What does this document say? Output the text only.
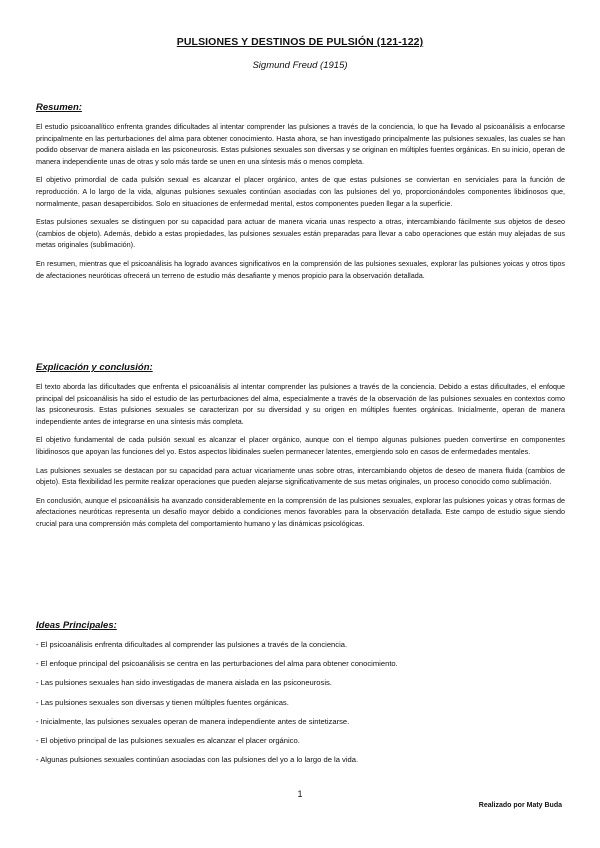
PULSIONES Y DESTINOS DE PULSIÓN (121-122)
Sigmund Freud (1915)
Resumen:

El estudio psicoanalítico enfrenta grandes dificultades al intentar comprender las pulsiones a través de la conciencia, lo que ha llevado al psicoanálisis a enfocarse principalmente en las perturbaciones del alma para obtener conocimiento. Hasta ahora, se han investigado principalmente las pulsiones sexuales, las cuales se han podido observar de manera aislada en las psiconeurosis. Estas pulsiones sexuales son diversas y se originan en múltiples fuentes orgánicas. En su inicio, operan de manera independiente unas de otras y solo más tarde se unen en una síntesis más o menos completa.

El objetivo primordial de cada pulsión sexual es alcanzar el placer orgánico, antes de que estas pulsiones se conviertan en serviciales para la función de reproducción. A lo largo de la vida, algunas pulsiones sexuales continúan asociadas con las pulsiones del yo, proporcionándoles componentes libidinosos que, normalmente, pasan desapercibidos. Solo en situaciones de enfermedad mental, estos componentes pueden llegar a la superficie.

Estas pulsiones sexuales se distinguen por su capacidad para actuar de manera vicaria unas respecto a otras, intercambiando fácilmente sus objetos de deseo (cambios de objeto). Además, debido a estas propiedades, las pulsiones sexuales están preparadas para llevar a cabo operaciones que están muy alejadas de sus metas originales (sublimación).

En resumen, mientras que el psicoanálisis ha logrado avances significativos en la comprensión de las pulsiones sexuales, explorar las pulsiones yoicas y otros tipos de afectaciones neuróticas ofrecerá un terreno de estudio más desafiante y menos propicio para la observación detallada.

Explicación y conclusión:

El texto aborda las dificultades que enfrenta el psicoanálisis al intentar comprender las pulsiones a través de la conciencia. Debido a estas dificultades, el enfoque principal del psicoanálisis ha sido el estudio de las perturbaciones del alma, especialmente a través de la observación de las pulsiones sexuales en contextos como las psiconeurosis. Estas pulsiones sexuales se caracterizan por su diversidad y su origen en múltiples fuentes orgánicas. Inicialmente, operan de manera independiente antes de integrarse en una síntesis más completa.

El objetivo fundamental de cada pulsión sexual es alcanzar el placer orgánico, aunque con el tiempo algunas pulsiones pueden convertirse en componentes libidinosos que apoyan las funciones del yo. Estos aspectos libidinales suelen permanecer latentes, emergiendo solo en casos de enfermedades mentales.

Las pulsiones sexuales se destacan por su capacidad para actuar vicariamente unas sobre otras, intercambiando objetos de deseo de manera fluida (cambios de objeto). Esta flexibilidad les permite realizar operaciones que pueden alejarse significativamente de sus metas originales, un proceso conocido como sublimación.

En conclusión, aunque el psicoanálisis ha avanzado considerablemente en la comprensión de las pulsiones sexuales, explorar las pulsiones yoicas y otras formas de afectaciones neuróticas representa un desafío mayor debido a condiciones menos favorables para la observación detallada. Este campo de estudio sigue siendo crucial para una comprensión más completa del comportamiento humano y las dinámicas psicológicas.

Ideas Principales:
- El psicoanálisis enfrenta dificultades al comprender las pulsiones a través de la conciencia.
- El enfoque principal del psicoanálisis se centra en las perturbaciones del alma para obtener conocimiento.
- Las pulsiones sexuales han sido investigadas de manera aislada en las psiconeurosis.
- Las pulsiones sexuales son diversas y tienen múltiples fuentes orgánicas.
- Inicialmente, las pulsiones sexuales operan de manera independiente antes de sintetizarse.
- El objetivo principal de las pulsiones sexuales es alcanzar el placer orgánico.
- Algunas pulsiones sexuales continúan asociadas con las pulsiones del yo a lo largo de la vida.
1
Realizado por Maty Buda
